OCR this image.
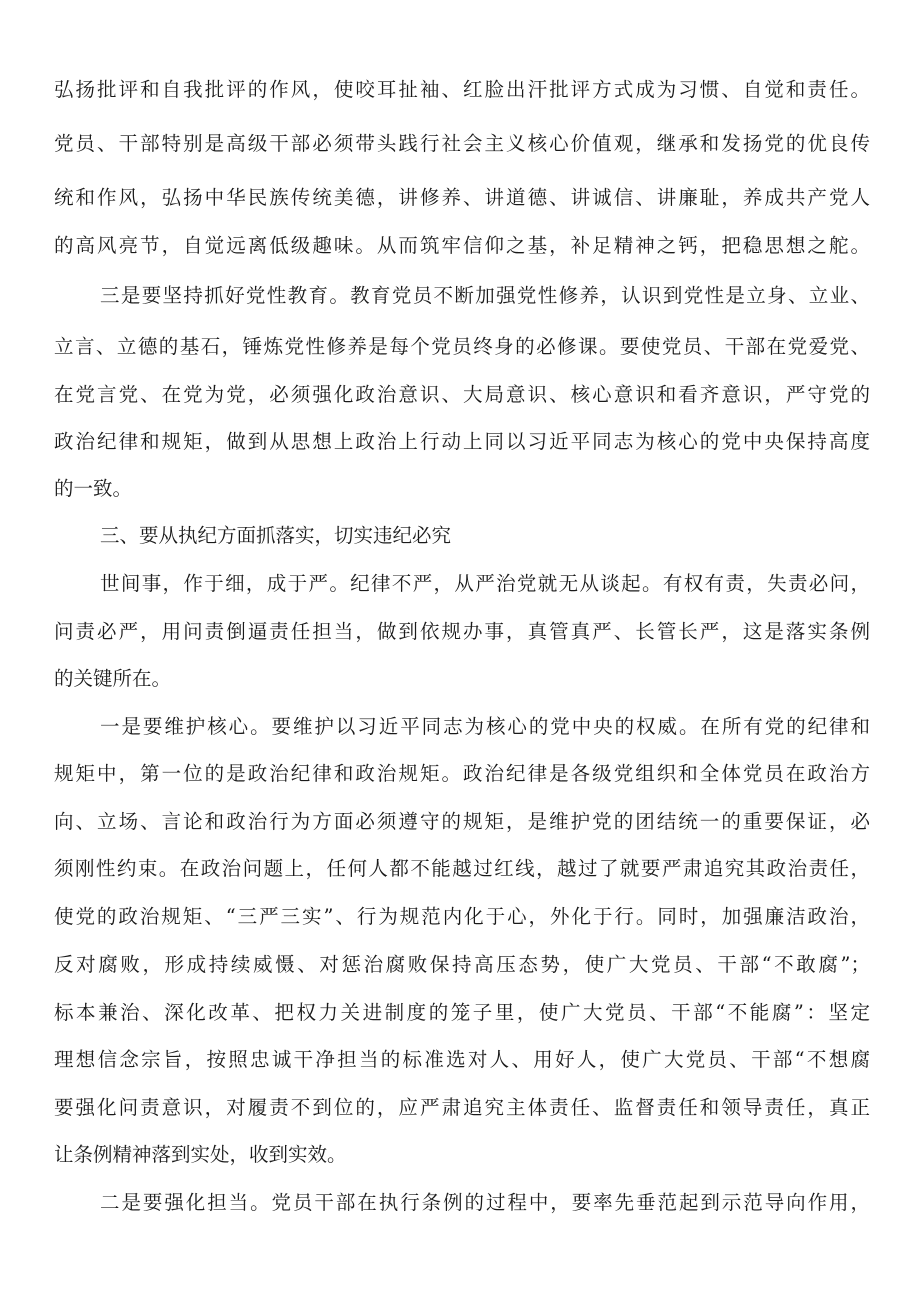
弘扬批评和自我批评的作风，使咬耳扯袖、红脸出汗批评方式成为习惯、自觉和责任。

党员、干部特别是高级干部必须带头践行社会主义核心价值观，继承和发扬党的优良传

统和作风，弘扬中华民族传统美德，讲修养、讲道德、讲诚信、讲廉耻，养成共产党人

的高风亮节，自觉远离低级趣味。从而筑牢信仰之基，补足精神之钙，把稳思想之舵。

三是要坚持抓好党性教育。教育党员不断加强党性修养，认识到党性是立身、立业、

立言、立德的基石，锤炼党性修养是每个党员终身的必修课。要使党员、干部在党爱党、

在党言党、在党为党，必须强化政治意识、大局意识、核心意识和看齐意识，严守党的

政治纪律和规矩，做到从思想上政治上行动上同以习近平同志为核心的党中央保持高度

的一致。

三、要从执纪方面抓落实，切实违纪必究

世间事，作于细，成于严。纪律不严，从严治党就无从谈起。有权有责，失责必问，

问责必严，用问责倒逼责任担当，做到依规办事，真管真严、长管长严，这是落实条例

的关键所在。

一是要维护核心。要维护以习近平同志为核心的党中央的权威。在所有党的纪律和

规矩中，第一位的是政治纪律和政治规矩。政治纪律是各级党组织和全体党员在政治方

向、立场、言论和政治行为方面必须遵守的规矩，是维护党的团结统一的重要保证，必

须刚性约束。在政治问题上，任何人都不能越过红线，越过了就要严肃追究其政治责任，

使党的政治规矩、“三严三实”、行为规范内化于心，外化于行。同时，加强廉洁政治，

反对腐败，形成持续威慑、对惩治腐败保持高压态势，使广大党员、干部“不敢腐”；

标本兼治、深化改革、把权力关进制度的笼子里，使广大党员、干部“不能腐”：坚定

理想信念宗旨，按照忠诚干净担当的标准选对人、用好人，使广大党员、干部“不想腐

要强化问责意识，对履责不到位的，应严肃追究主体责任、监督责任和领导责任，真正

让条例精神落到实处，收到实效。

二是要强化担当。党员干部在执行条例的过程中，要率先垂范起到示范导向作用，
